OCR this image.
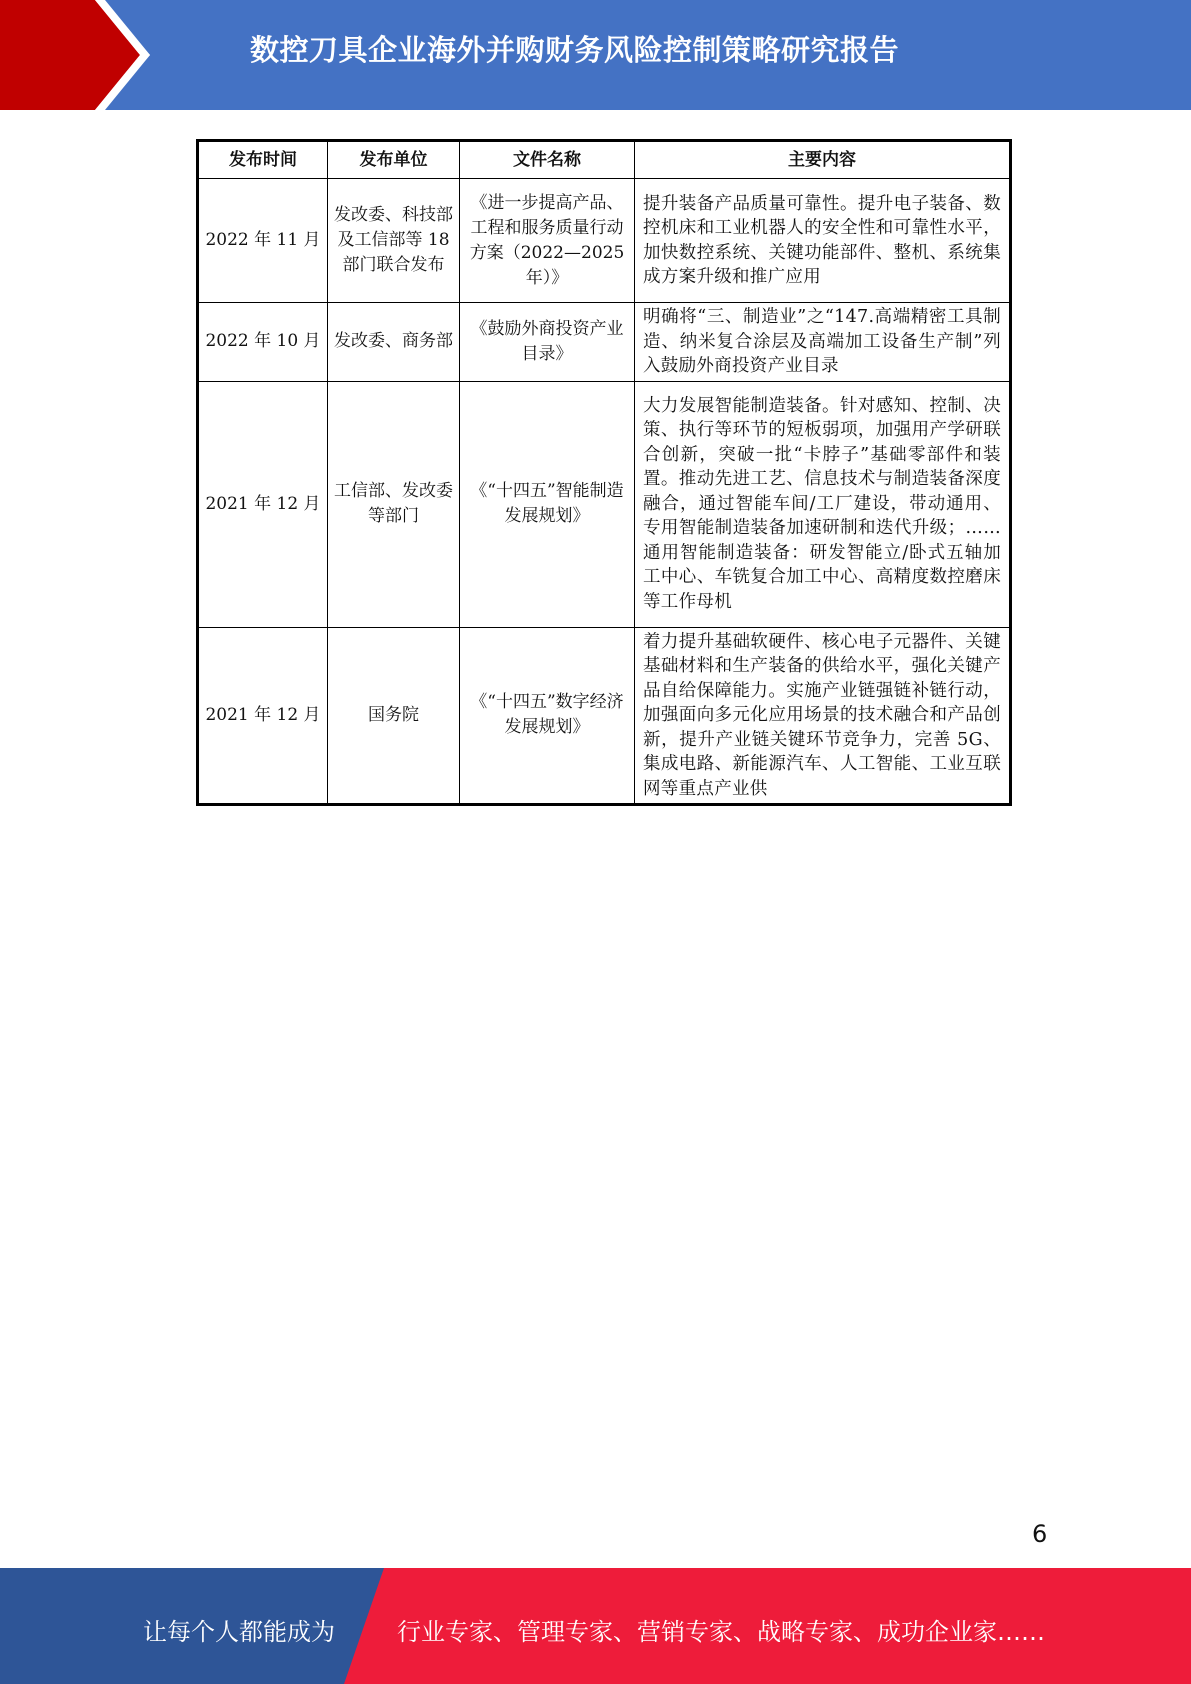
数控刀具企业海外并购财务风险控制策略研究报告
发布时间	发布单位	文件名称	主要内容
2022 年 11 月	发改委、科技部及工信部等 18 部门联合发布	《进一步提高产品、工程和服务质量行动方案（2022—2025年）》	提升装备产品质量可靠性。提升电子装备、数控机床和工业机器人的安全性和可靠性水平，加快数控系统、关键功能部件、整机、系统集成方案升级和推广应用
2022 年 10 月	发改委、商务部	《鼓励外商投资产业目录》	明确将“三、制造业”之“147.高端精密工具制造、纳米复合涂层及高端加工设备生产制”列入鼓励外商投资产业目录
2021 年 12 月	工信部、发改委等部门	《“十四五”智能制造发展规划》	大力发展智能制造装备。针对感知、控制、决策、执行等环节的短板弱项，加强用产学研联合创新，突破一批“卡脖子”基础零部件和装置。推动先进工艺、信息技术与制造装备深度融合，通过智能车间/工厂建设，带动通用、专用智能制造装备加速研制和迭代升级；……通用智能制造装备：研发智能立/卧式五轴加工中心、车铣复合加工中心、高精度数控磨床等工作母机
2021 年 12 月	国务院	《“十四五”数字经济发展规划》	着力提升基础软硬件、核心电子元器件、关键基础材料和生产装备的供给水平，强化关键产品自给保障能力。实施产业链强链补链行动，加强面向多元化应用场景的技术融合和产品创新，提升产业链关键环节竞争力，完善 5G、集成电路、新能源汽车、人工智能、工业互联网等重点产业供
6
让每个人都能成为	行业专家、管理专家、营销专家、战略专家、成功企业家……
